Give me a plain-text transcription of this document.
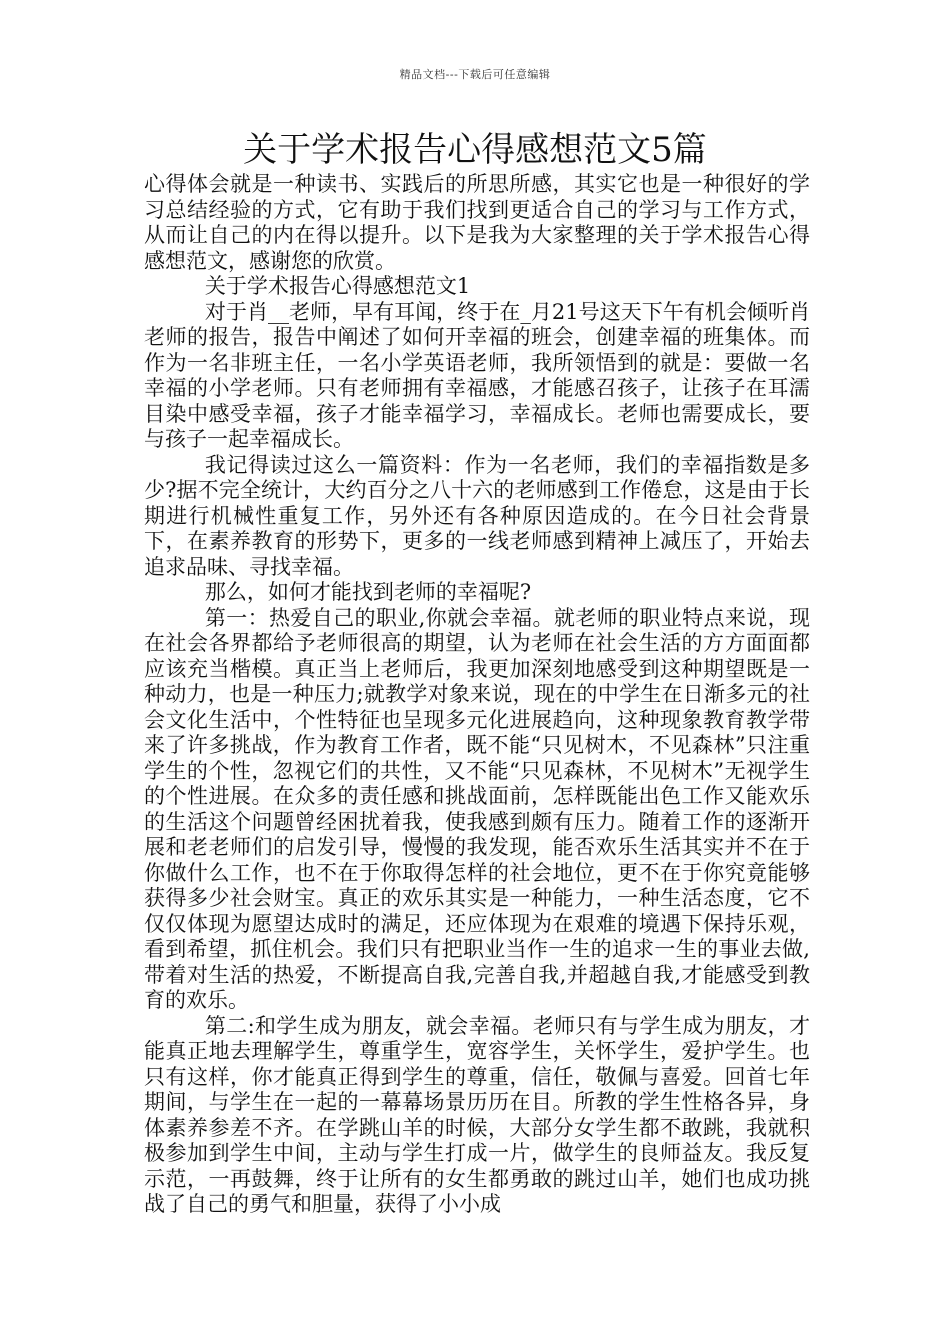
精品文档---下载后可任意编辑
关于学术报告心得感想范文5篇

心得体会就是一种读书、实践后的所思所感，其实它也是一种很好的学习总结经验的方式，它有助于我们找到更适合自己的学习与工作方式，从而让自己的内在得以提升。以下是我为大家整理的关于学术报告心得感想范文，感谢您的欣赏。

关于学术报告心得感想范文1

对于肖__老师，早有耳闻，终于在_月21号这天下午有机会倾听肖老师的报告，报告中阐述了如何开幸福的班会，创建幸福的班集体。而作为一名非班主任，一名小学英语老师，我所领悟到的就是：要做一名幸福的小学老师。只有老师拥有幸福感，才能感召孩子，让孩子在耳濡目染中感受幸福，孩子才能幸福学习，幸福成长。老师也需要成长，要与孩子一起幸福成长。

我记得读过这么一篇资料：作为一名老师，我们的幸福指数是多少?据不完全统计，大约百分之八十六的老师感到工作倦怠，这是由于长期进行机械性重复工作，另外还有各种原因造成的。在今日社会背景下，在素养教育的形势下，更多的一线老师感到精神上减压了，开始去追求品味、寻找幸福。

那么，如何才能找到老师的幸福呢?

第一：热爱自己的职业,你就会幸福。就老师的职业特点来说，现在社会各界都给予老师很高的期望，认为老师在社会生活的方方面面都应该充当楷模。真正当上老师后，我更加深刻地感受到这种期望既是一种动力，也是一种压力;就教学对象来说，现在的中学生在日渐多元的社会文化生活中，个性特征也呈现多元化进展趋向，这种现象教育教学带来了许多挑战，作为教育工作者，既不能“只见树木，不见森林”只注重学生的个性，忽视它们的共性，又不能“只见森林，不见树木”无视学生的个性进展。在众多的责任感和挑战面前，怎样既能出色工作又能欢乐的生活这个问题曾经困扰着我，使我感到颇有压力。随着工作的逐渐开展和老老师们的启发引导，慢慢的我发现，能否欢乐生活其实并不在于你做什么工作，也不在于你取得怎样的社会地位，更不在于你究竟能够获得多少社会财宝。真正的欢乐其实是一种能力，一种生活态度，它不仅仅体现为愿望达成时的满足，还应体现为在艰难的境遇下保持乐观，看到希望，抓住机会。我们只有把职业当作一生的追求一生的事业去做,带着对生活的热爱，不断提高自我,完善自我,并超越自我,才能感受到教育的欢乐。

第二:和学生成为朋友，就会幸福。老师只有与学生成为朋友，才能真正地去理解学生，尊重学生，宽容学生，关怀学生，爱护学生。也只有这样，你才能真正得到学生的尊重，信任，敬佩与喜爱。回首七年期间，与学生在一起的一幕幕场景历历在目。所教的学生性格各异，身体素养参差不齐。在学跳山羊的时候，大部分女学生都不敢跳，我就积极参加到学生中间，主动与学生打成一片，做学生的良师益友。我反复示范，一再鼓舞，终于让所有的女生都勇敢的跳过山羊，她们也成功挑战了自己的勇气和胆量，获得了小小成
